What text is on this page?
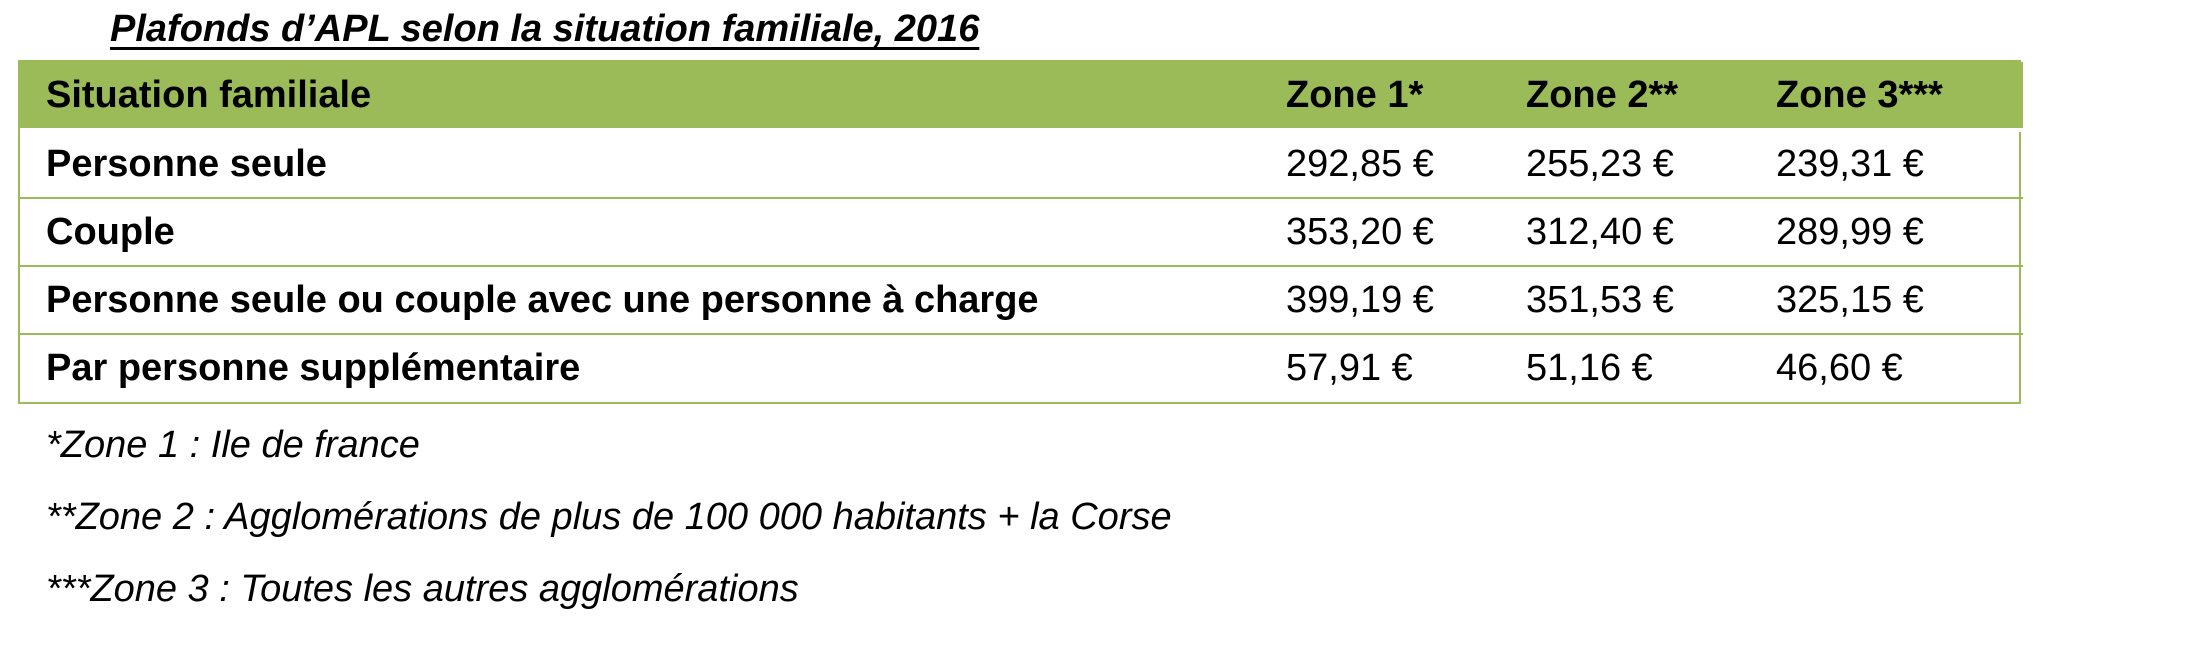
Plafonds d’APL selon la situation familiale, 2016
Situation familiale	Zone 1*	Zone 2**	Zone 3***
Personne seule	292,85 €	255,23 €	239,31 €
Couple	353,20 €	312,40 €	289,99 €
Personne seule ou couple avec une personne à charge	399,19 €	351,53 €	325,15 €
Par personne supplémentaire	57,91 €	51,16 €	46,60 €
*Zone 1 : Ile de france
**Zone 2 : Agglomérations de plus de 100 000 habitants + la Corse
***Zone 3 : Toutes les autres agglomérations
